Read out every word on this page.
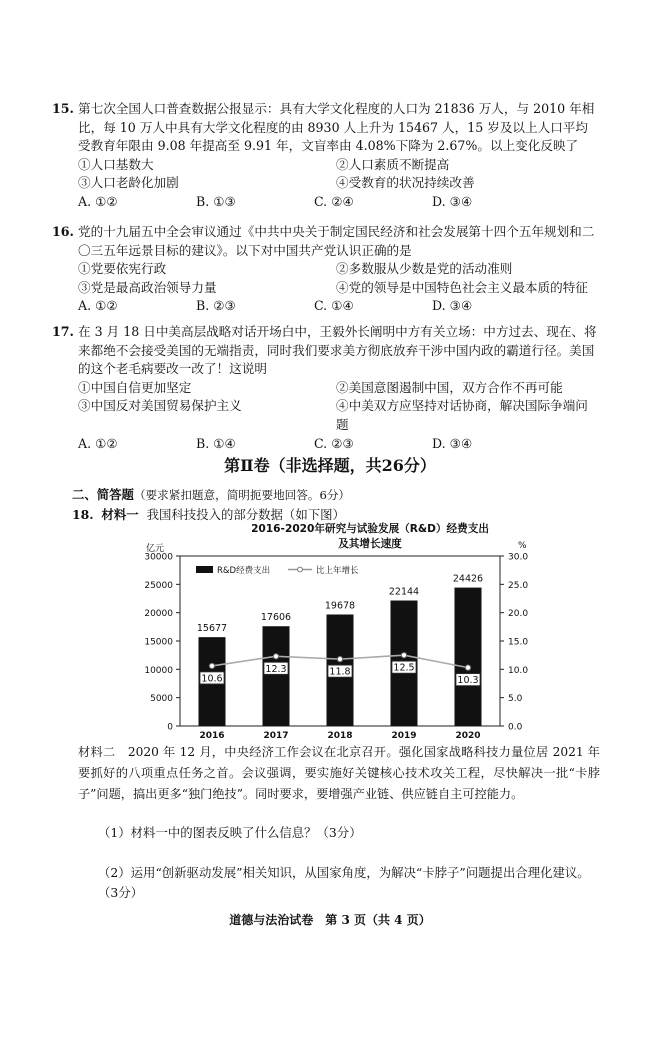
15. 第七次全国人口普查数据公报显示：具有大学文化程度的人口为 21836 万人，与 2010 年相比，每 10 万人中具有大学文化程度的由 8930 人上升为 15467 人，15 岁及以上人口平均受教育年限由 9.08 年提高至 9.91 年，文盲率由 4.08%下降为 2.67%。以上变化反映了

①人口基数大	②人口素质不断提高
③人口老龄化加剧	④受教育的状况持续改善
A. ①②	B. ①③	C. ②④	D. ③④
16. 党的十九届五中全会审议通过《中共中央关于制定国民经济和社会发展第十四个五年规划和二〇三五年远景目标的建议》。以下对中国共产党认识正确的是

①党要依宪行政	②多数服从少数是党的活动准则
③党是最高政治领导力量	④党的领导是中国特色社会主义最本质的特征
A. ①②	B. ②③	C. ①④	D. ③④
17. 在 3 月 18 日中美高层战略对话开场白中，王毅外长阐明中方有关立场：中方过去、现在、将来都绝不会接受美国的无端指责，同时我们要求美方彻底放弃干涉中国内政的霸道行径。美国的这个老毛病要改一改了！这说明

①中国自信更加坚定	②美国意图遏制中国，双方合作不再可能
③中国反对美国贸易保护主义	④中美双方应坚持对话协商，解决国际争端问题
A. ①②	B. ①④	C. ②③	D. ③④
第Ⅱ卷（非选择题，共26分）
二、简答题（要求紧扣题意，简明扼要地回答。6分）
18. 材料一 我国科技投入的部分数据（如下图）
2016-2020年研究与试验发展（R&D）经费支出
及其增长速度
亿元	%
0
5000
10000
15000
20000
25000
30000
0.0
5.0
10.0
15.0
20.0
25.0
30.0
15677
2016
17606
2017
19678
2018
22144
2019
24426
2020
10.6
12.3	11.8	12.5
10.3
R&D经费支出	比上年增长
材料二　2020 年 12 月，中央经济工作会议在北京召开。强化国家战略科技力量位居 2021 年要抓好的八项重点任务之首。会议强调，要实施好关键核心技术攻关工程，尽快解决一批“卡脖子”问题，搞出更多“独门绝技”。同时要求，要增强产业链、供应链自主可控能力。
（1）材料一中的图表反映了什么信息？（3分）
（2）运用“创新驱动发展”相关知识，从国家角度，为解决“卡脖子”问题提出合理化建议。（3分）
道德与法治试卷　第 3 页（共 4 页）
